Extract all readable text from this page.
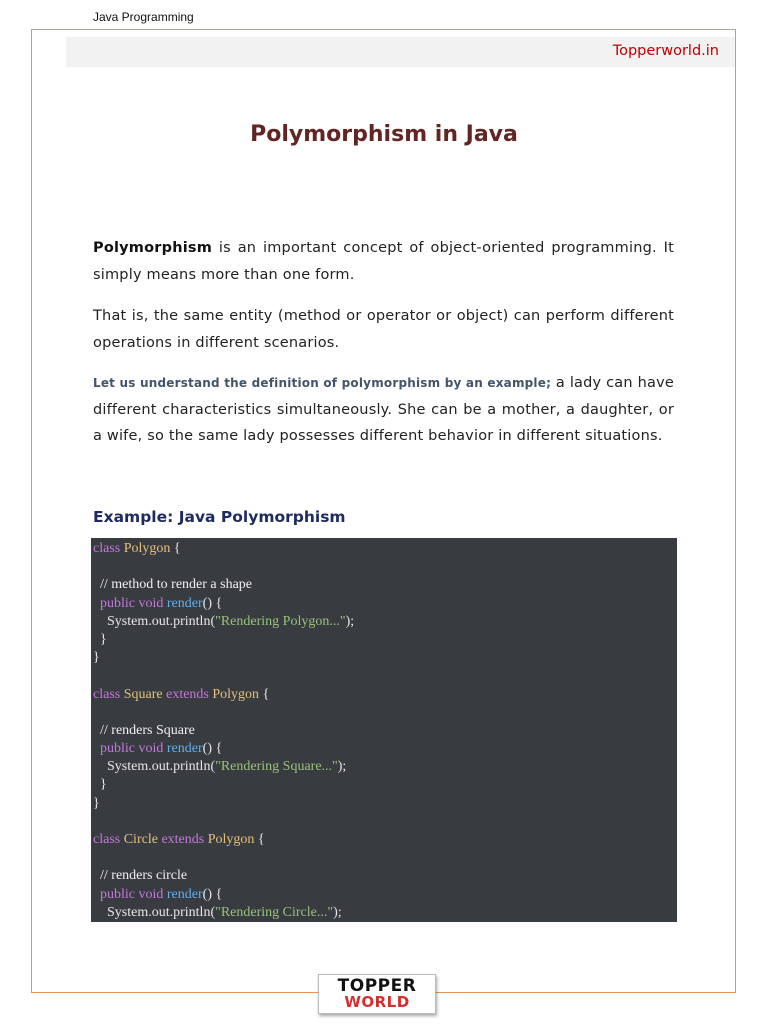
Java Programming
Topperworld.in
Polymorphism in Java

Polymorphism is an important concept of object-oriented programming. It simply means more than one form.

That is, the same entity (method or operator or object) can perform different operations in different scenarios.

Let us understand the definition of polymorphism by an example; a lady can have different characteristics simultaneously. She can be a mother, a daughter, or a wife, so the same lady possesses different behavior in different situations.

Example: Java Polymorphism
class Polygon {

// method to render a shape
public void render() {
System.out.println("Rendering Polygon...");
}
}

class Square extends Polygon {

// renders Square
public void render() {
System.out.println("Rendering Square...");
}
}

class Circle extends Polygon {

// renders circle
public void render() {
System.out.println("Rendering Circle...");
TOPPER
WORLD
